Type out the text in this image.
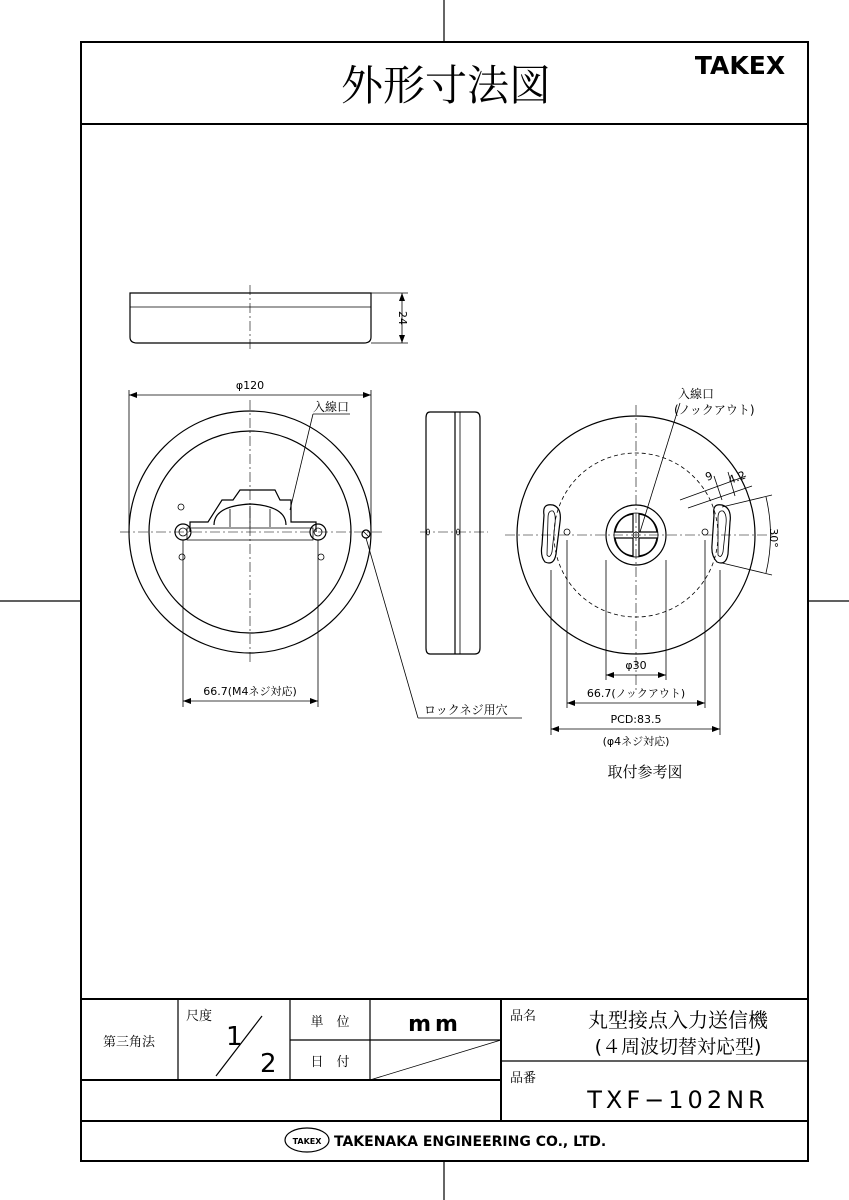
外形寸法図	TAKEX
24
φ120
入線口
66.7(M4ネジ対応)
ロックネジ用穴
入線口
(ノックアウト)
9 4.2
30°
φ30
66.7(ノックアウト)
PCD:83.5
(φ4ネジ対応)
取付参考図
第三角法
尺度
1
2
単　位	mm
日　付
品名	丸型接点入力送信機
(４周波切替対応型)
品番
TXF−102NR
TAKEX TAKENAKA ENGINEERING CO., LTD.
